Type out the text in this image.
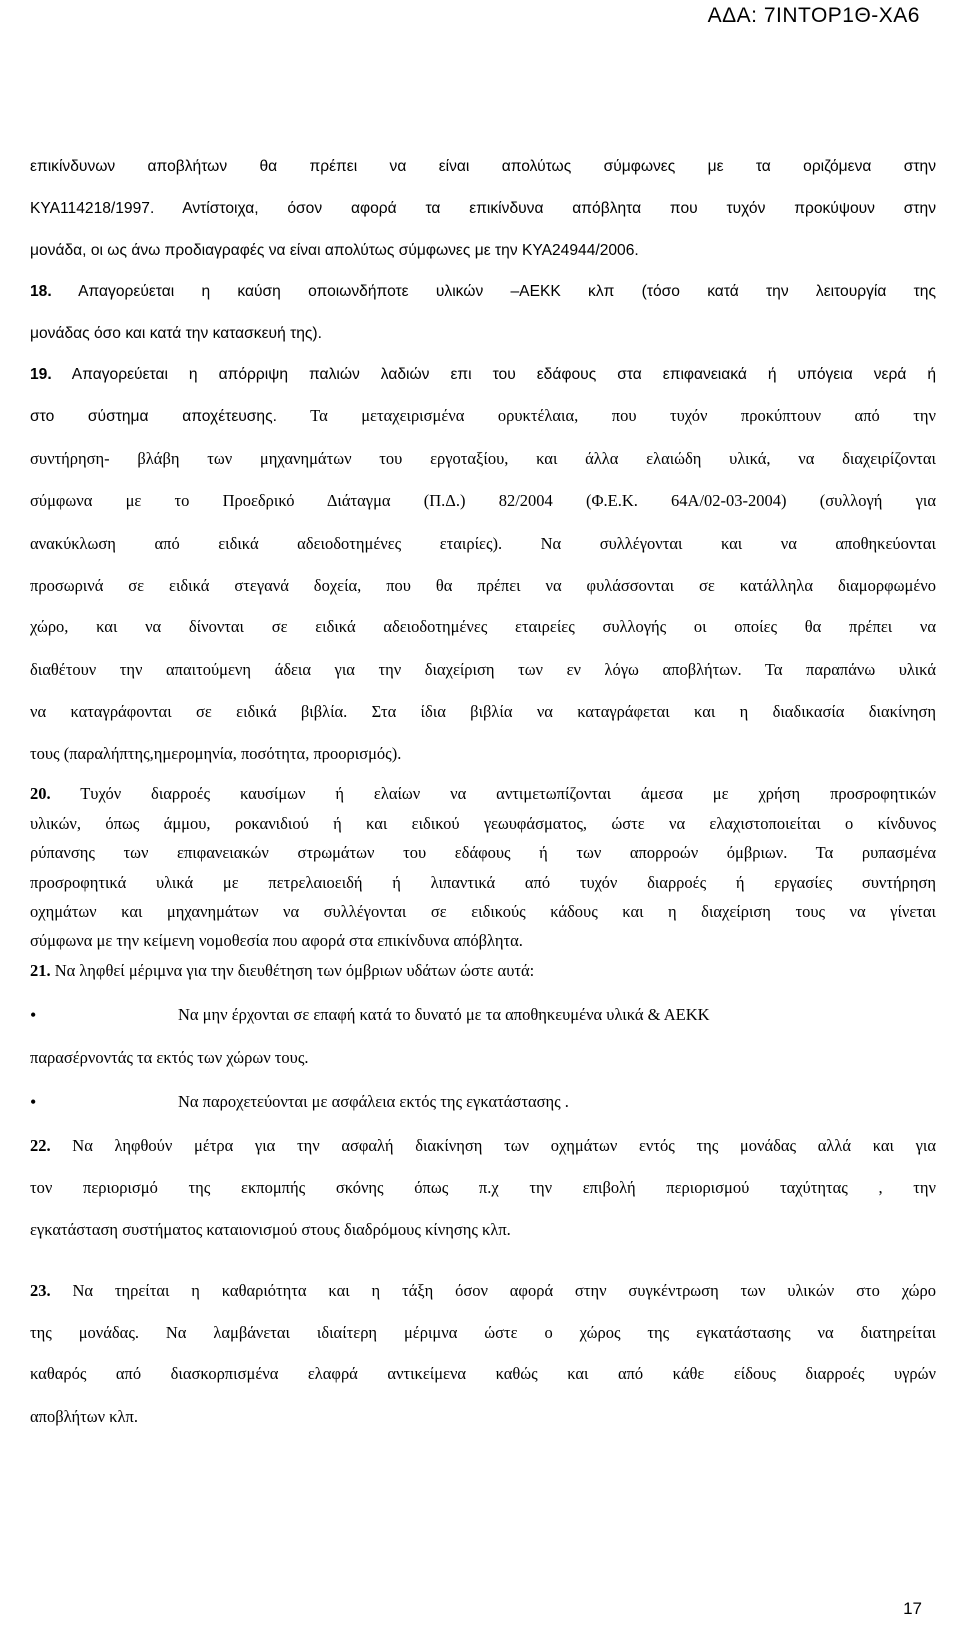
ΑΔΑ: 7ΙΝΤΟΡ1Θ-ΧΑ6
επικίνδυνων αποβλήτων θα πρέπει να είναι απολύτως σύμφωνες με τα οριζόμενα στην
ΚΥΑ114218/1997. Αντίστοιχα, όσον αφορά τα επικίνδυνα απόβλητα που τυχόν προκύψουν στην
μονάδα, οι ως άνω προδιαγραφές να είναι απολύτως σύμφωνες με την ΚΥΑ24944/2006.
18. Απαγορεύεται η καύση οποιωνδήποτε υλικών –ΑΕΚΚ κλπ (τόσο κατά την λειτουργία της
μονάδας όσο και κατά την κατασκευή της).
19. Απαγορεύεται η απόρριψη παλιών λαδιών επι του εδάφους στα επιφανειακά ή υπόγεια νερά ή
στο σύστημα αποχέτευσης. Τα μεταχειρισμένα ορυκτέλαια, που τυχόν προκύπτουν από την
συντήρηση- βλάβη των μηχανημάτων του εργοταξίου, και άλλα ελαιώδη υλικά, να διαχειρίζονται
σύμφωνα με το Προεδρικό Διάταγμα (Π.Δ.) 82/2004 (Φ.Ε.Κ. 64Α/02-03-2004) (συλλογή για
ανακύκλωση από ειδικά αδειοδοτημένες εταιρίες). Να συλλέγονται και να αποθηκεύονται
προσωρινά σε ειδικά στεγανά δοχεία, που θα πρέπει να φυλάσσονται σε κατάλληλα διαμορφωμένο
χώρο, και να δίνονται σε ειδικά αδειοδοτημένες εταιρείες συλλογής οι οποίες θα πρέπει να
διαθέτουν την απαιτούμενη άδεια για την διαχείριση των εν λόγω αποβλήτων. Τα παραπάνω υλικά
να καταγράφονται σε ειδικά βιβλία. Στα ίδια βιβλία να καταγράφεται και η διαδικασία διακίνηση
τους (παραλήπτης,ημερομηνία, ποσότητα, προορισμός).
20. Τυχόν διαρροές καυσίμων ή ελαίων να αντιμετωπίζονται άμεσα με χρήση προσροφητικών
υλικών, όπως άμμου, ροκανιδιού ή και ειδικού γεωυφάσματος, ώστε να ελαχιστοποιείται ο κίνδυνος
ρύπανσης των επιφανειακών στρωμάτων του εδάφους ή των απορροών όμβριων. Τα ρυπασμένα
προσροφητικά υλικά με πετρελαιοειδή ή λιπαντικά από τυχόν διαρροές ή εργασίες συντήρηση
οχημάτων και μηχανημάτων να συλλέγονται σε ειδικούς κάδους και η διαχείριση τους να γίνεται
σύμφωνα με την κείμενη νομοθεσία που αφορά στα επικίνδυνα απόβλητα.
21. Να ληφθεί μέριμνα για την διευθέτηση των όμβριων υδάτων ώστε αυτά:
•	Να μην έρχονται σε επαφή κατά το δυνατό με τα αποθηκευμένα υλικά & ΑΕΚΚ
παρασέρνοντάς τα εκτός των χώρων τους.
•	Να παροχετεύονται με ασφάλεια εκτός της εγκατάστασης .
22. Να ληφθούν μέτρα για την ασφαλή διακίνηση των οχημάτων εντός της μονάδας αλλά και για
τον περιορισμό της εκπομπής σκόνης όπως π.χ την επιβολή περιορισμού ταχύτητας , την
εγκατάσταση συστήματος καταιονισμού στους διαδρόμους κίνησης κλπ.
23. Να τηρείται η καθαριότητα και η τάξη όσον αφορά στην συγκέντρωση των υλικών στο χώρο
της μονάδας. Να λαμβάνεται ιδιαίτερη μέριμνα ώστε ο χώρος της εγκατάστασης να διατηρείται
καθαρός από διασκορπισμένα ελαφρά αντικείμενα καθώς και από κάθε είδους διαρροές υγρών
αποβλήτων κλπ.
17
